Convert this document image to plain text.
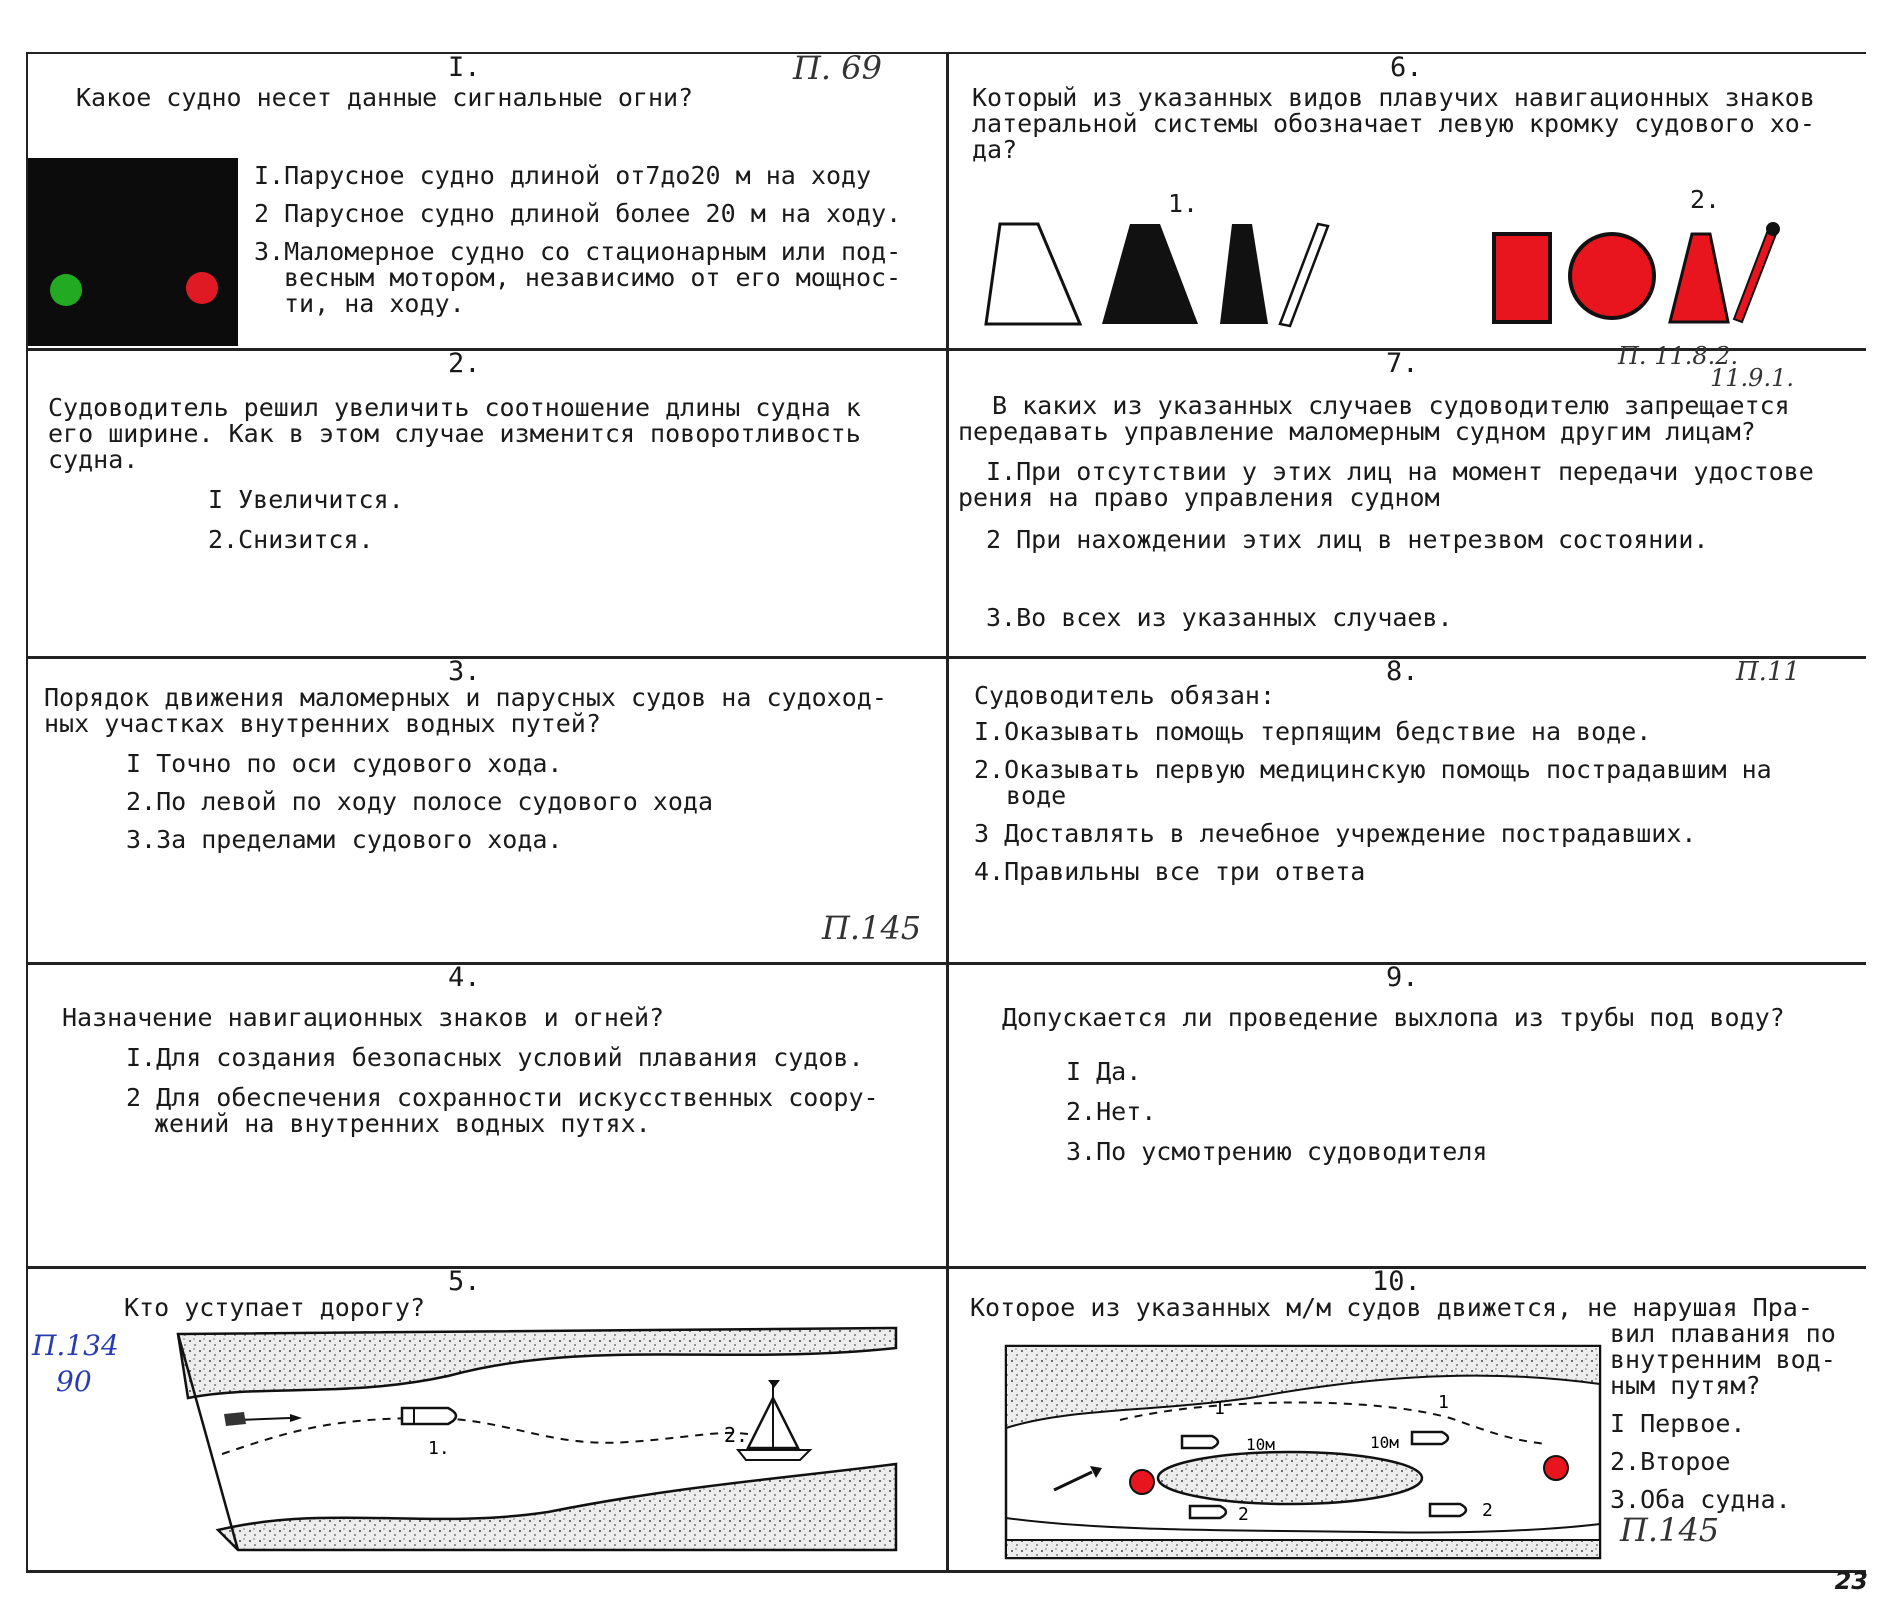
I.	П. 69
Какое судно несет данные сигнальные огни?
I.Парусное судно длиной от7до20 м на ходу
2 Парусное судно длиной более 20 м на ходу.
3.Маломерное судно со стационарным или под-
весным мотором, независимо от его мощнос-
ти, на ходу.
6.
Который из указанных видов плавучих навигационных знаков
латеральной системы обозначает левую кромку судового хо-
да?
1.	2.
2.
Судоводитель решил увеличить соотношение длины судна к
его ширине. Как в этом случае изменится поворотливость
судна.
I Увеличится.
2.Снизится.
7.	П. 11.8.2.
11.9.1.
В каких из указанных случаев судоводителю запрещается
передавать управление маломерным судном другим лицам?
I.При отсутствии у этих лиц на момент передачи удостове
рения на право управления судном
2 При нахождении этих лиц в нетрезвом состоянии.
3.Во всех из указанных случаев.
3.
Порядок движения маломерных и парусных судов на судоход-
ных участках внутренних водных путей?
I Точно по оси судового хода.
2.По левой по ходу полосе судового хода
3.За пределами судового хода.
П.145
8.	П.11
Судоводитель обязан:
I.Оказывать помощь терпящим бедствие на воде.
2.Оказывать первую медицинскую помощь пострадавшим на
воде
3 Доставлять в лечебное учреждение пострадавших.
4.Правильны все три ответа
4.
Назначение навигационных знаков и огней?
I.Для создания безопасных условий плавания судов.
2 Для обеспечения сохранности искусственных соору-
жений на внутренних водных путях.
9.
Допускается ли проведение выхлопа из трубы под воду?
I Да.
2.Нет.
3.По усмотрению судоводителя
5.
Кто уступает дорогу?
П.134
90
1.
2.
10.
Которое из указанных м/м судов движется, не нарушая Пра-
вил плавания по
внутренним вод-
ным путям?
I Первое.
2.Второе
3.Оба судна.
П.145
1
10м	10м
1
2	2
23
